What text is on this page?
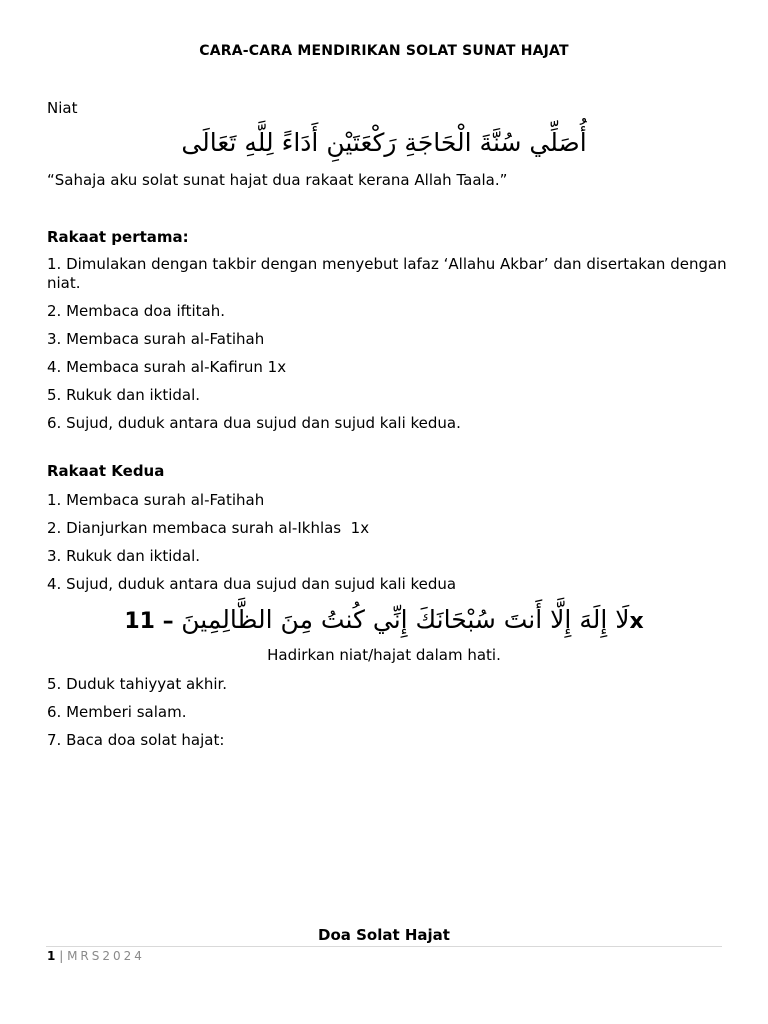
CARA-CARA MENDIRIKAN SOLAT SUNAT HAJAT
Niat
أُصَلِّي سُنَّةَ الْحَاجَةِ رَكْعَتَيْنِ أَدَاءً لِلَّهِ تَعَالَى
“Sahaja aku solat sunat hajat dua rakaat kerana Allah Taala.”
Rakaat pertama:
1. Dimulakan dengan takbir dengan menyebut lafaz ‘Allahu Akbar’ dan disertakan dengan niat.
2. Membaca doa iftitah.
3. Membaca surah al-Fatihah
4. Membaca surah al-Kafirun 1x
5. Rukuk dan iktidal.
6. Sujud, duduk antara dua sujud dan sujud kali kedua.
Rakaat Kedua
1. Membaca surah al-Fatihah
2. Dianjurkan membaca surah al-Ikhlas  1x
3. Rukuk dan iktidal.
4. Sujud, duduk antara dua sujud dan sujud kali kedua
11 – لَا إِلَهَ إِلَّا أَنتَ سُبْحَانَكَ إِنِّي كُنتُ مِنَ الظَّالِمِينَx
Hadirkan niat/hajat dalam hati.
5. Duduk tahiyyat akhir.
6. Memberi salam.
7. Baca doa solat hajat:
Doa Solat Hajat
1 | MRS2024
